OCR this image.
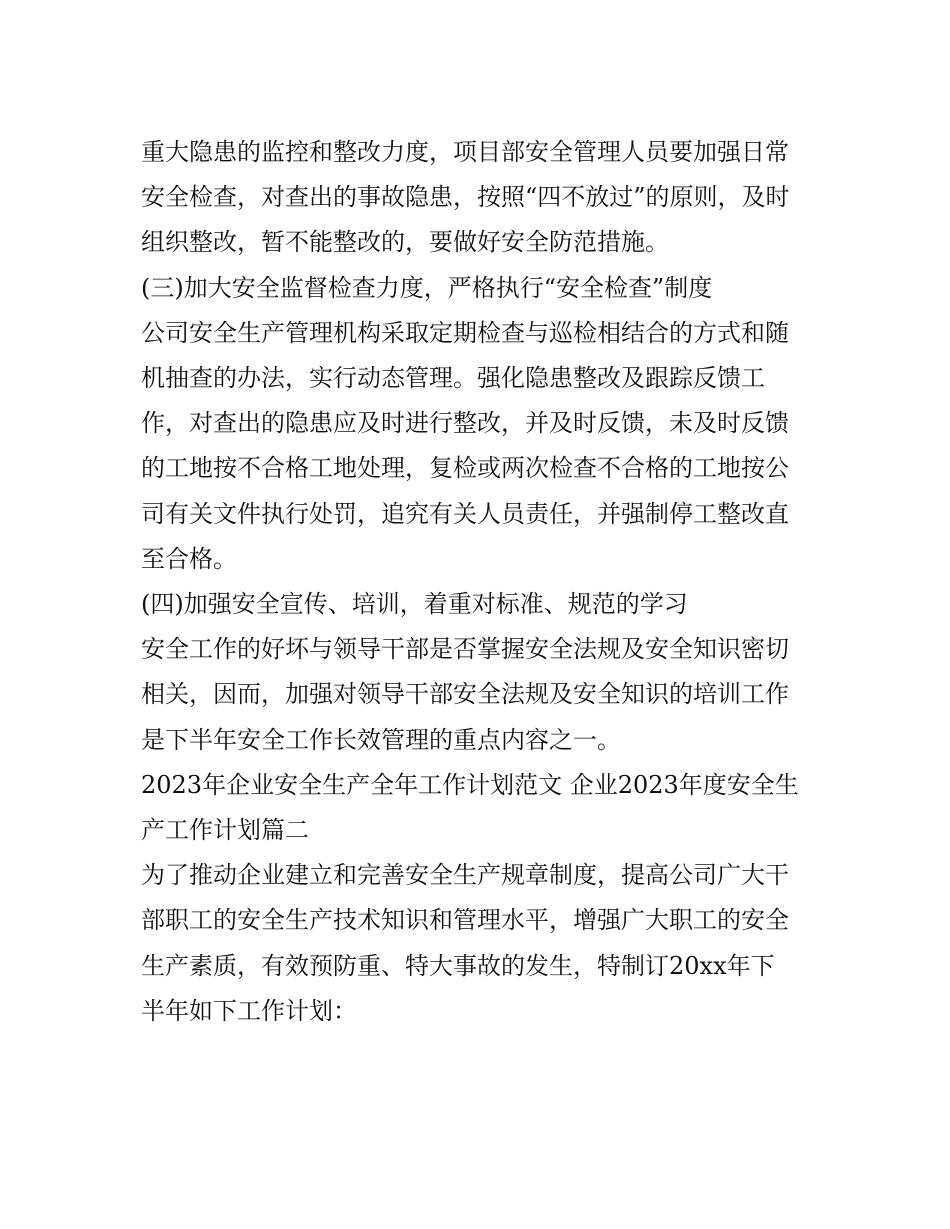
重大隐患的监控和整改力度，项目部安全管理人员要加强日常

安全检查，对查出的事故隐患，按照“四不放过”的原则，及时

组织整改，暂不能整改的，要做好安全防范措施。

(三)加大安全监督检查力度，严格执行“安全检查”制度

公司安全生产管理机构采取定期检查与巡检相结合的方式和随

机抽查的办法，实行动态管理。强化隐患整改及跟踪反馈工

作，对查出的隐患应及时进行整改，并及时反馈，未及时反馈

的工地按不合格工地处理，复检或两次检查不合格的工地按公

司有关文件执行处罚，追究有关人员责任，并强制停工整改直

至合格。

(四)加强安全宣传、培训，着重对标准、规范的学习

安全工作的好坏与领导干部是否掌握安全法规及安全知识密切

相关，因而，加强对领导干部安全法规及安全知识的培训工作

是下半年安全工作长效管理的重点内容之一。

2023年企业安全生产全年工作计划范文 企业2023年度安全生

产工作计划篇二

为了推动企业建立和完善安全生产规章制度，提高公司广大干

部职工的安全生产技术知识和管理水平，增强广大职工的安全

生产素质，有效预防重、特大事故的发生，特制订20xx年下

半年如下工作计划：
